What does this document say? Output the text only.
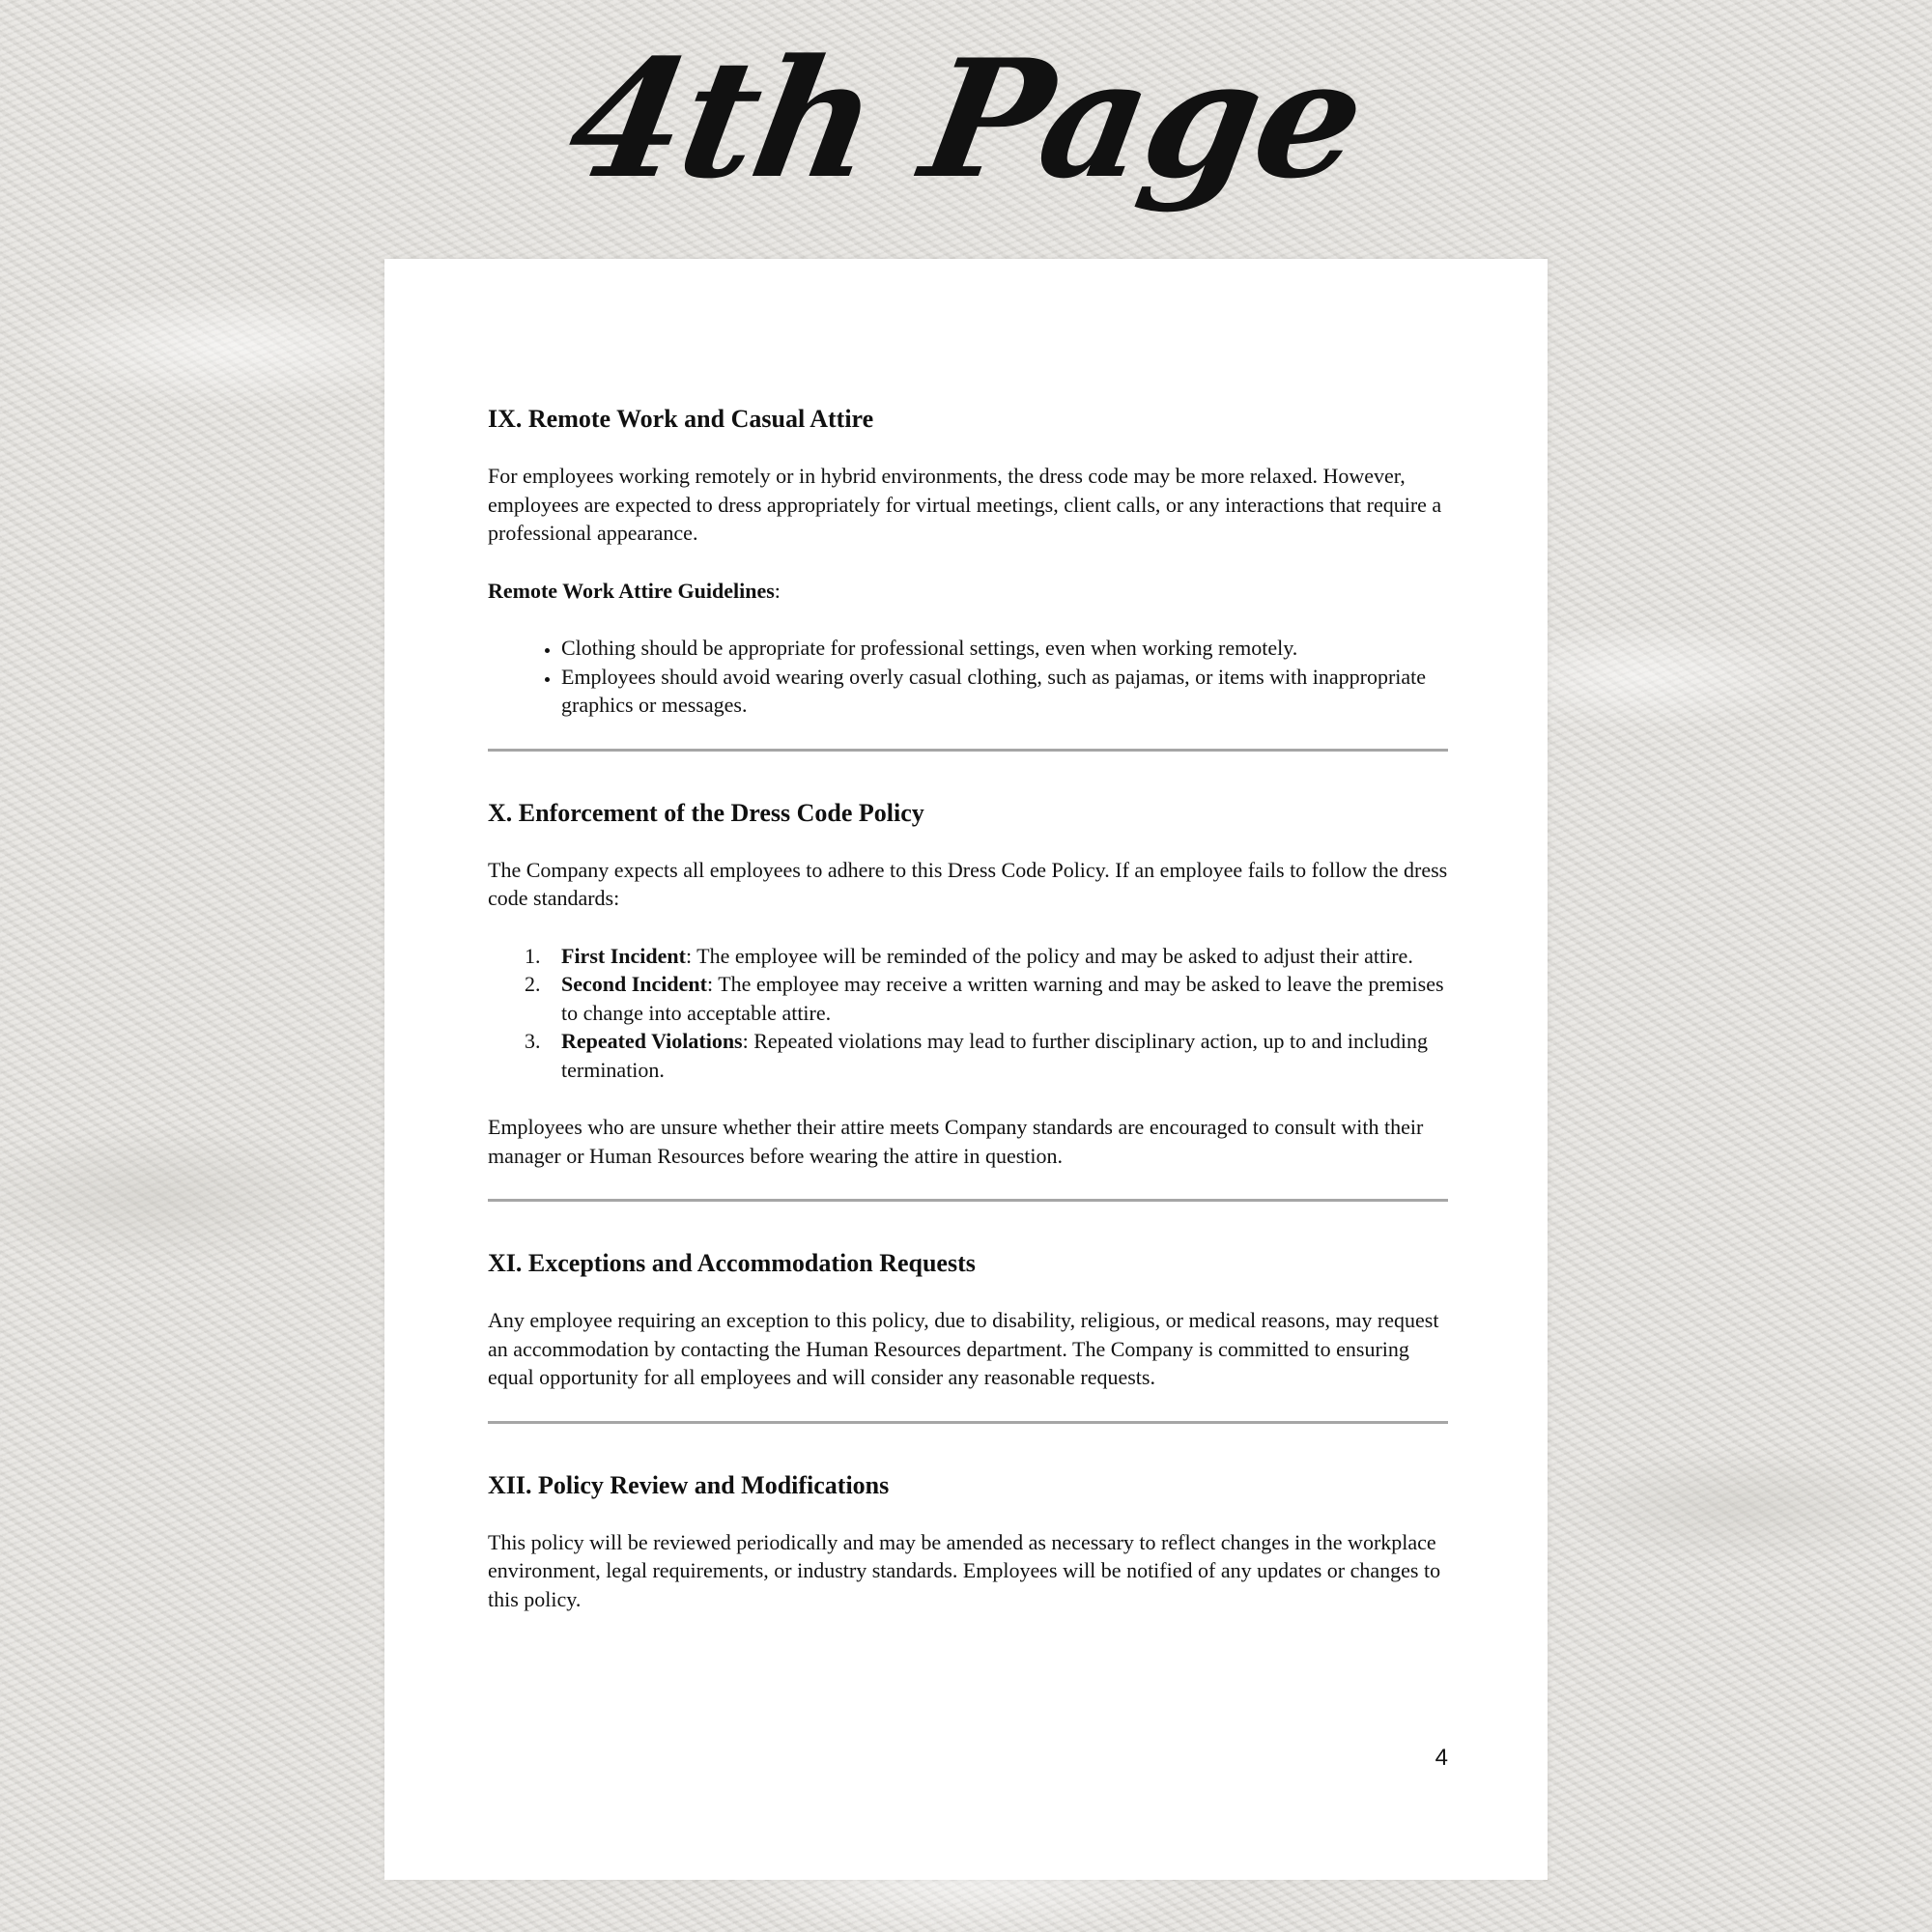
4th Page
IX. Remote Work and Casual Attire

For employees working remotely or in hybrid environments, the dress code may be more relaxed. However, employees are expected to dress appropriately for virtual meetings, client calls, or any interactions that require a professional appearance.

Remote Work Attire Guidelines:

• Clothing should be appropriate for professional settings, even when working remotely.
• Employees should avoid wearing overly casual clothing, such as pajamas, or items with inappropriate graphics or messages.
X. Enforcement of the Dress Code Policy

The Company expects all employees to adhere to this Dress Code Policy. If an employee fails to follow the dress code standards:

1. First Incident: The employee will be reminded of the policy and may be asked to adjust their attire.
2. Second Incident: The employee may receive a written warning and may be asked to leave the premises to change into acceptable attire.
3. Repeated Violations: Repeated violations may lead to further disciplinary action, up to and including termination.

Employees who are unsure whether their attire meets Company standards are encouraged to consult with their manager or Human Resources before wearing the attire in question.

XI. Exceptions and Accommodation Requests

Any employee requiring an exception to this policy, due to disability, religious, or medical reasons, may request an accommodation by contacting the Human Resources department. The Company is committed to ensuring equal opportunity for all employees and will consider any reasonable requests.

XII. Policy Review and Modifications

This policy will be reviewed periodically and may be amended as necessary to reflect changes in the workplace environment, legal requirements, or industry standards. Employees will be notified of any updates or changes to this policy.

4
